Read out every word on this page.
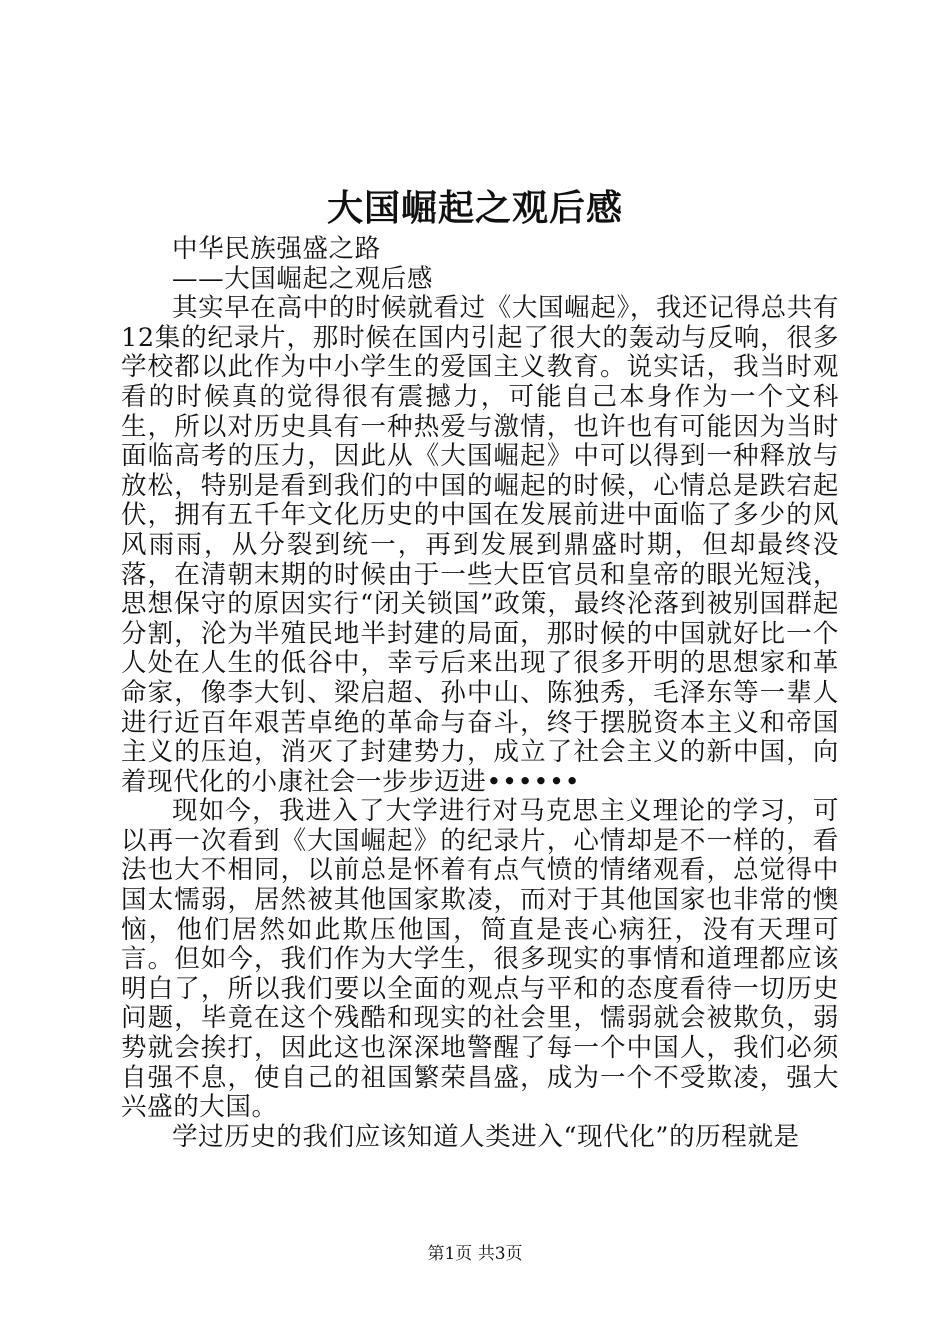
大国崛起之观后感

中华民族强盛之路

——大国崛起之观后感

其实早在高中的时候就看过《大国崛起》，我还记得总共有12集的纪录片，那时候在国内引起了很大的轰动与反响，很多学校都以此作为中小学生的爱国主义教育。说实话，我当时观看的时候真的觉得很有震撼力，可能自己本身作为一个文科生，所以对历史具有一种热爱与激情，也许也有可能因为当时面临高考的压力，因此从《大国崛起》中可以得到一种释放与放松，特别是看到我们的中国的崛起的时候，心情总是跌宕起伏，拥有五千年文化历史的中国在发展前进中面临了多少的风风雨雨，从分裂到统一，再到发展到鼎盛时期，但却最终没落，在清朝末期的时候由于一些大臣官员和皇帝的眼光短浅，思想保守的原因实行“闭关锁国”政策，最终沦落到被别国群起分割，沦为半殖民地半封建的局面，那时候的中国就好比一个人处在人生的低谷中，幸亏后来出现了很多开明的思想家和革命家，像李大钊、梁启超、孙中山、陈独秀，毛泽东等一辈人进行近百年艰苦卓绝的革命与奋斗，终于摆脱资本主义和帝国主义的压迫，消灭了封建势力，成立了社会主义的新中国，向着现代化的小康社会一步步迈进••••••

现如今，我进入了大学进行对马克思主义理论的学习，可以再一次看到《大国崛起》的纪录片，心情却是不一样的，看法也大不相同，以前总是怀着有点气愤的情绪观看，总觉得中国太懦弱，居然被其他国家欺凌，而对于其他国家也非常的懊恼，他们居然如此欺压他国，简直是丧心病狂，没有天理可言。但如今，我们作为大学生，很多现实的事情和道理都应该明白了，所以我们要以全面的观点与平和的态度看待一切历史问题，毕竟在这个残酷和现实的社会里，懦弱就会被欺负，弱势就会挨打，因此这也深深地警醒了每一个中国人，我们必须自强不息，使自己的祖国繁荣昌盛，成为一个不受欺凌，强大兴盛的大国。

学过历史的我们应该知道人类进入“现代化”的历程就是

第1页 共3页
